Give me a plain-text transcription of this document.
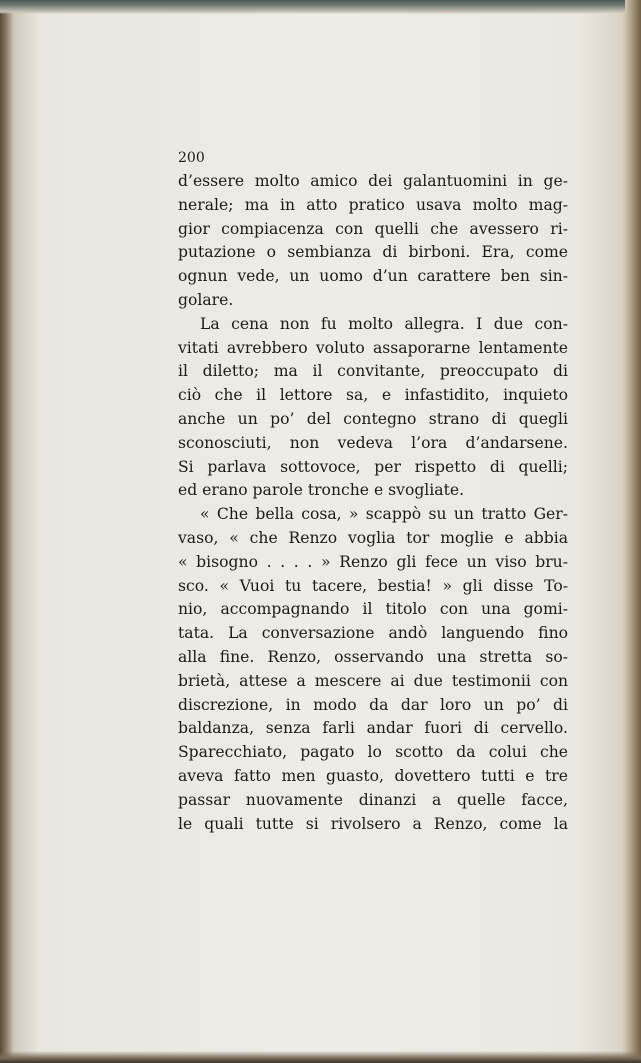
200
d’essere molto amico dei galantuomini in ge-
nerale; ma in atto pratico usava molto mag-
gior compiacenza con quelli che avessero ri-
putazione o sembianza di birboni. Era, come
ognun vede, un uomo d’un carattere ben sin-
golare.
La cena non fu molto allegra. I due con-
vitati avrebbero voluto assaporarne lentamente
il diletto; ma il convitante, preoccupato di
ciò che il lettore sa, e infastidito, inquieto
anche un po’ del contegno strano di quegli
sconosciuti, non vedeva l’ora d’andarsene.
Si parlava sottovoce, per rispetto di quelli;
ed erano parole tronche e svogliate.
« Che bella cosa, » scappò su un tratto Ger-
vaso, « che Renzo voglia tor moglie e abbia
« bisogno . . . . » Renzo gli fece un viso bru-
sco. « Vuoi tu tacere, bestia! » gli disse To-
nio, accompagnando il titolo con una gomi-
tata. La conversazione andò languendo fino
alla fine. Renzo, osservando una stretta so-
brietà, attese a mescere ai due testimonii con
discrezione, in modo da dar loro un po’ di
baldanza, senza farli andar fuori di cervello.
Sparecchiato, pagato lo scotto da colui che
aveva fatto men guasto, dovettero tutti e tre
passar nuovamente dinanzi a quelle facce,
le quali tutte si rivolsero a Renzo, come la
